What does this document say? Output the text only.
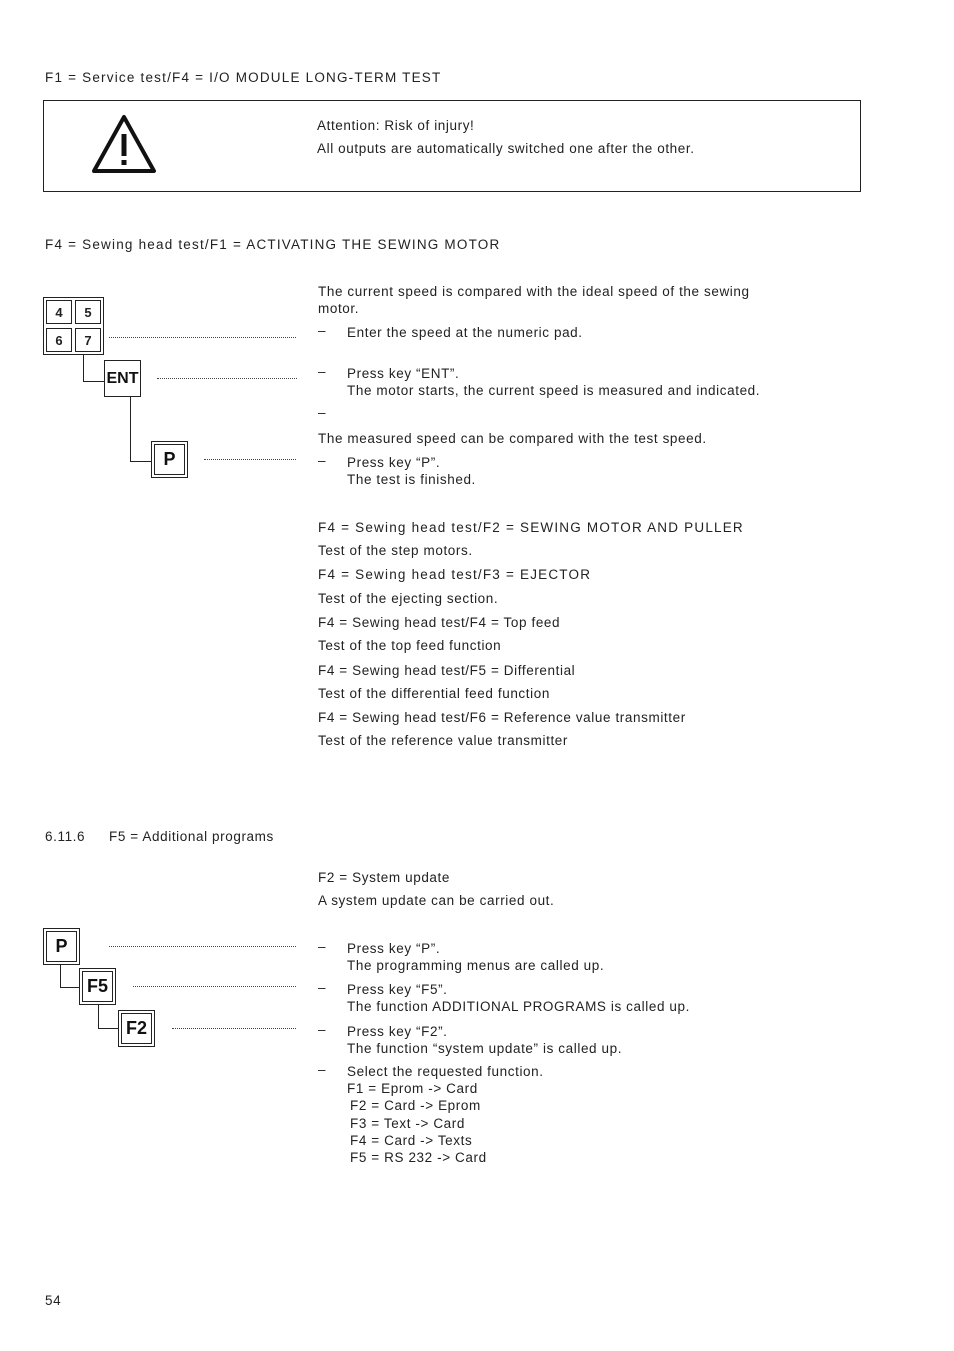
F1 = Service test/F4 = I/O MODULE LONG-TERM TEST
Attention: Risk of injury!
All outputs are automatically switched one after the other.
F4 = Sewing head test/F1 = ACTIVATING THE SEWING MOTOR
4	5
6	7
ENT
P
The current speed is compared with the ideal speed of the sewing
motor.
– Enter the speed at the numeric pad.
– Press key “ENT”.
The motor starts, the current speed is measured and indicated.
–
The measured speed can be compared with the test speed.
– Press key “P”.
The test is finished.
F4 = Sewing head test/F2 = SEWING MOTOR AND PULLER
Test of the step motors.
F4 = Sewing head test/F3 = EJECTOR
Test of the ejecting section.
F4 = Sewing head test/F4 = Top feed
Test of the top feed function
F4 = Sewing head test/F5 = Differential
Test of the differential feed function
F4 = Sewing head test/F6 = Reference value transmitter
Test of the reference value transmitter
6.11.6 F5 = Additional programs
F2 = System update
A system update can be carried out.
P
F5
F2
– Press key “P”.
The programming menus are called up.
– Press key “F5”.
The function ADDITIONAL PROGRAMS is called up.
– Press key “F2”.
The function “system update” is called up.
– Select the requested function.
F1 = Eprom -> Card
F2 = Card -> Eprom
F3 = Text -> Card
F4 = Card -> Texts
F5 = RS 232 -> Card
54
